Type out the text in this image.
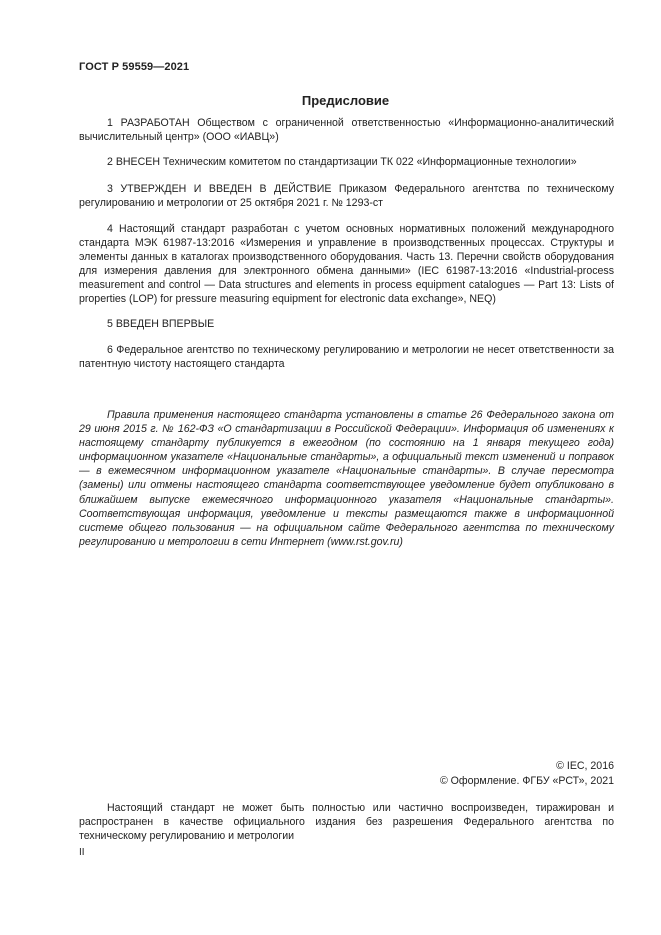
ГОСТ Р 59559—2021
Предисловие

1 РАЗРАБОТАН Обществом с ограниченной ответственностью «Информационно-аналитический вычислительный центр» (ООО «ИАВЦ»)

2 ВНЕСЕН Техническим комитетом по стандартизации ТК 022 «Информационные технологии»

3 УТВЕРЖДЕН И ВВЕДЕН В ДЕЙСТВИЕ Приказом Федерального агентства по техническому регулированию и метрологии от 25 октября 2021 г. № 1293-ст

4 Настоящий стандарт разработан с учетом основных нормативных положений международного стандарта МЭК 61987-13:2016 «Измерения и управление в производственных процессах. Структуры и элементы данных в каталогах производственного оборудования. Часть 13. Перечни свойств оборудования для измерения давления для электронного обмена данными» (IEC 61987-13:2016 «Industrial-process measurement and control — Data structures and elements in process equipment catalogues — Part 13: Lists of properties (LOP) for pressure measuring equipment for electronic data exchange», NEQ)

5 ВВЕДЕН ВПЕРВЫЕ

6 Федеральное агентство по техническому регулированию и метрологии не несет ответственности за патентную чистоту настоящего стандарта

Правила применения настоящего стандарта установлены в статье 26 Федерального закона от 29 июня 2015 г. № 162-ФЗ «О стандартизации в Российской Федерации». Информация об изменениях к настоящему стандарту публикуется в ежегодном (по состоянию на 1 января текущего года) информационном указателе «Национальные стандарты», а официальный текст изменений и поправок — в ежемесячном информационном указателе «Национальные стандарты». В случае пересмотра (замены) или отмены настоящего стандарта соответствующее уведомление будет опубликовано в ближайшем выпуске ежемесячного информационного указателя «Национальные стандарты». Соответствующая информация, уведомление и тексты размещаются также в информационной системе общего пользования — на официальном сайте Федерального агентства по техническому регулированию и метрологии в сети Интернет (www.rst.gov.ru)

© IEC, 2016
© Оформление. ФГБУ «РСТ», 2021

Настоящий стандарт не может быть полностью или частично воспроизведен, тиражирован и распространен в качестве официального издания без разрешения Федерального агентства по техническому регулированию и метрологии

II
